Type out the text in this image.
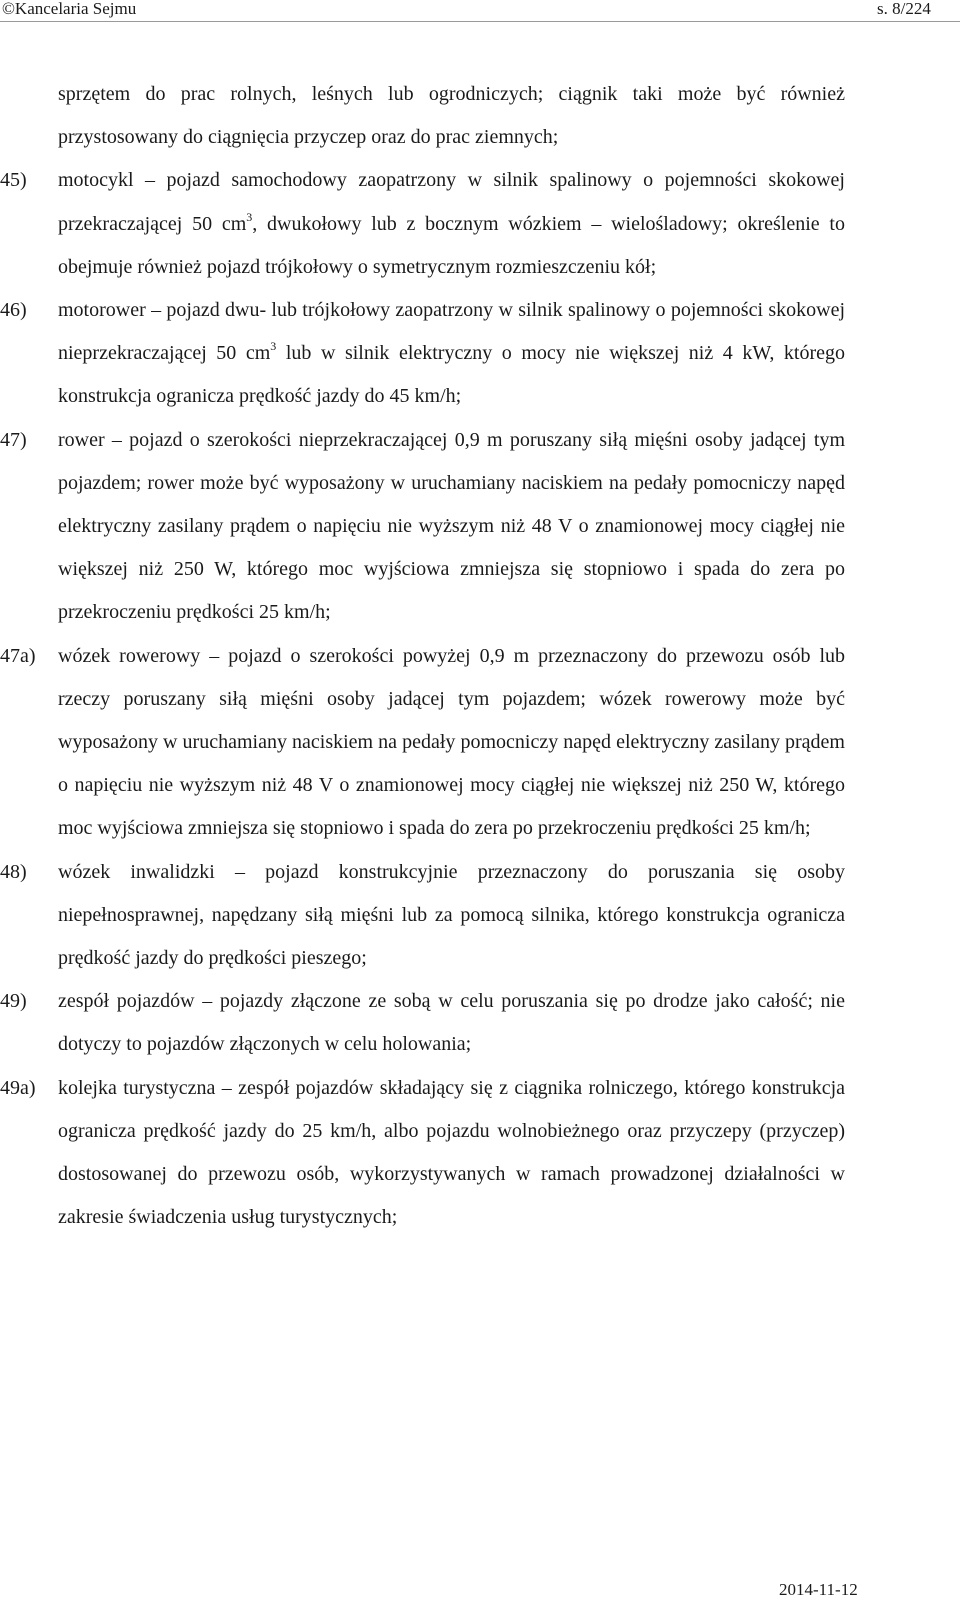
©Kancelaria Sejmu	s. 8/224
sprzętem do prac rolnych, leśnych lub ogrodniczych; ciągnik taki może być również przystosowany do ciągnięcia przyczep oraz do prac ziemnych;
45)	motocykl – pojazd samochodowy zaopatrzony w silnik spalinowy o pojemności skokowej przekraczającej 50 $cm^3$, dwukołowy lub z bocznym wózkiem – wielośladowy; określenie to obejmuje również pojazd trójkołowy o symetrycznym rozmieszczeniu kół;
46)	motorower – pojazd dwu- lub trójkołowy zaopatrzony w silnik spalinowy o pojemności skokowej nieprzekraczającej 50 $cm^3$ lub w silnik elektryczny o mocy nie większej niż 4 kW, którego konstrukcja ogranicza prędkość jazdy do 45 km/h;
47)	rower – pojazd o szerokości nieprzekraczającej 0,9 m poruszany siłą mięśni osoby jadącej tym pojazdem; rower może być wyposażony w uruchamiany naciskiem na pedały pomocniczy napęd elektryczny zasilany prądem o napięciu nie wyższym niż 48 V o znamionowej mocy ciągłej nie większej niż 250 W, którego moc wyjściowa zmniejsza się stopniowo i spada do zera po przekroczeniu prędkości 25 km/h;
47a)	wózek rowerowy – pojazd o szerokości powyżej 0,9 m przeznaczony do przewozu osób lub rzeczy poruszany siłą mięśni osoby jadącej tym pojazdem; wózek rowerowy może być wyposażony w uruchamiany naciskiem na pedały pomocniczy napęd elektryczny zasilany prądem o napięciu nie wyższym niż 48 V o znamionowej mocy ciągłej nie większej niż 250 W, którego moc wyjściowa zmniejsza się stopniowo i spada do zera po przekroczeniu prędkości 25 km/h;
48)	wózek inwalidzki – pojazd konstrukcyjnie przeznaczony do poruszania się osoby niepełnosprawnej, napędzany siłą mięśni lub za pomocą silnika, którego konstrukcja ogranicza prędkość jazdy do prędkości pieszego;
49)	zespół pojazdów – pojazdy złączone ze sobą w celu poruszania się po drodze jako całość; nie dotyczy to pojazdów złączonych w celu holowania;
49a)	kolejka turystyczna – zespół pojazdów składający się z ciągnika rolniczego, którego konstrukcja ogranicza prędkość jazdy do 25 km/h, albo pojazdu wolnobieżnego oraz przyczepy (przyczep) dostosowanej do przewozu osób, wykorzystywanych w ramach prowadzonej działalności w zakresie świadczenia usług turystycznych;
2014-11-12
